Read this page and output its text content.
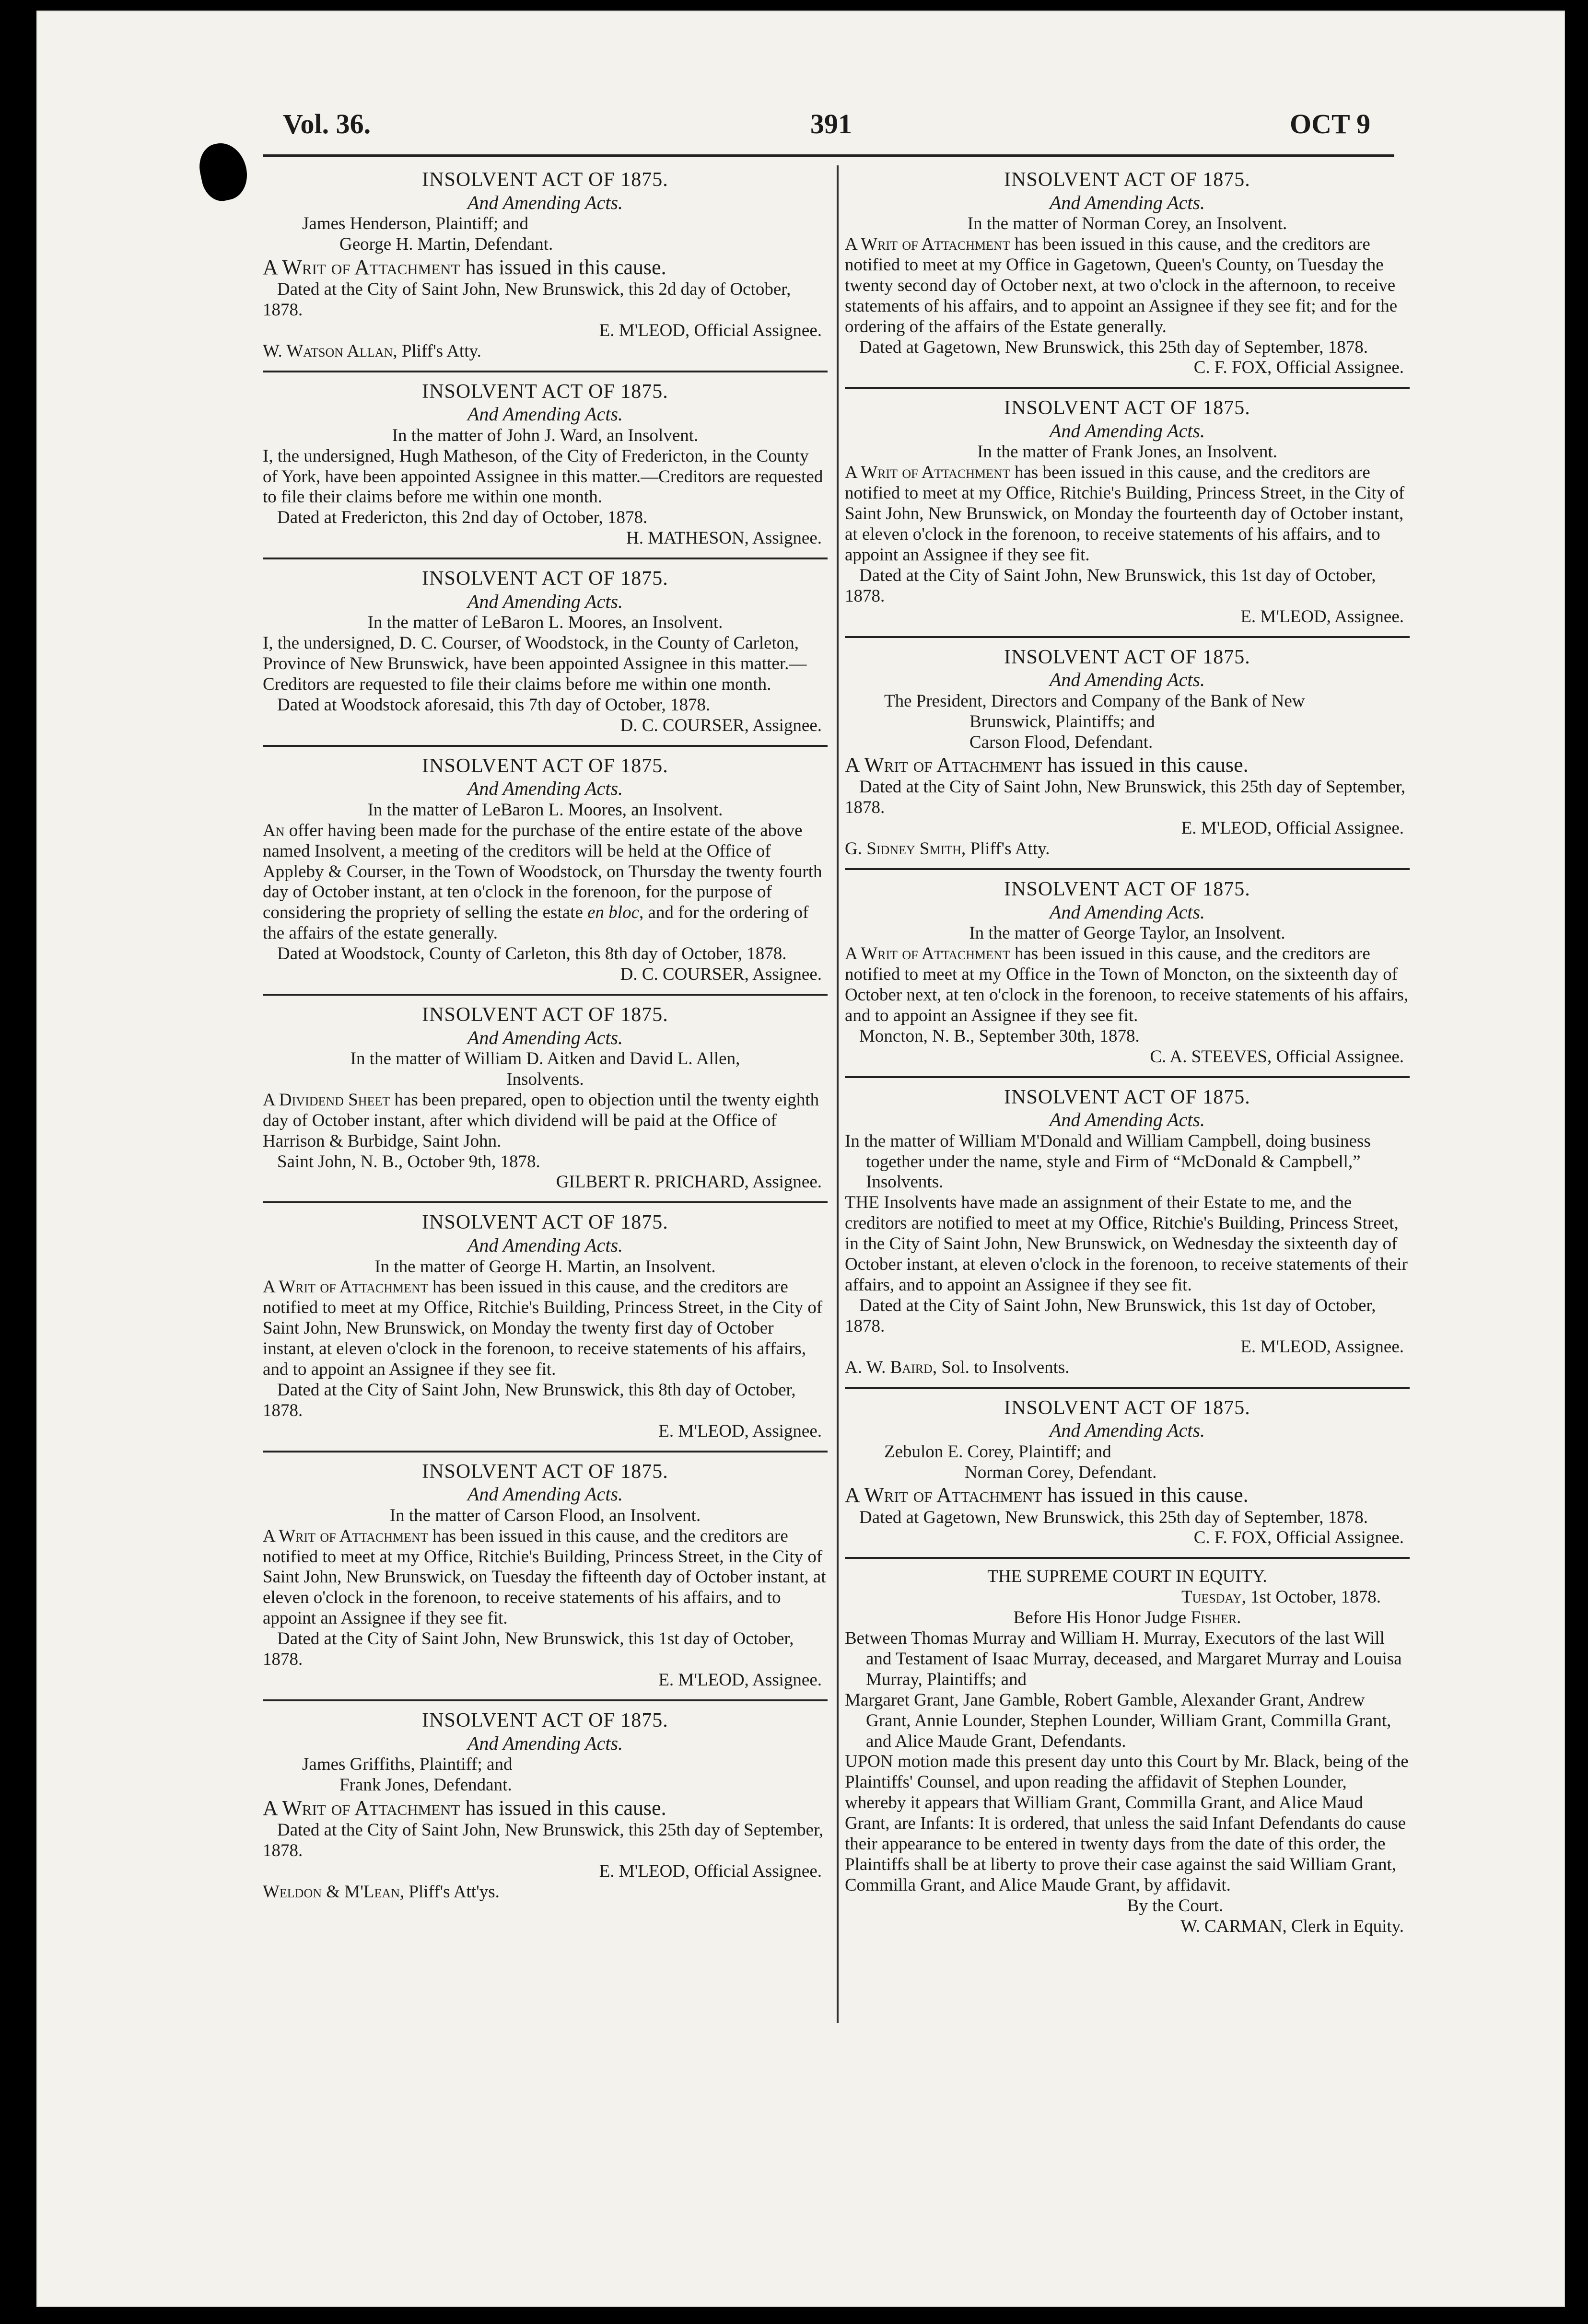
Vol. 36.	391	OCT 9
INSOLVENT ACT OF 1875.
And Amending Acts.
James Henderson, Plaintiff; and
George H. Martin, Defendant.
A Writ of Attachment has issued in this cause.
Dated at the City of Saint John, New Brunswick, this 2d day of October, 1878.
E. M'LEOD, Official Assignee.
W. Watson Allan, Pliff's Atty.
INSOLVENT ACT OF 1875.
And Amending Acts.
In the matter of John J. Ward, an Insolvent.
I, the undersigned, Hugh Matheson, of the City of Fredericton, in the County of York, have been appointed Assignee in this matter.—Creditors are requested to file their claims before me within one month.
Dated at Fredericton, this 2nd day of October, 1878.
H. MATHESON, Assignee.
INSOLVENT ACT OF 1875.
And Amending Acts.
In the matter of LeBaron L. Moores, an Insolvent.
I, the undersigned, D. C. Courser, of Woodstock, in the County of Carleton, Province of New Brunswick, have been appointed Assignee in this matter.—Creditors are requested to file their claims before me within one month.
Dated at Woodstock aforesaid, this 7th day of October, 1878.
D. C. COURSER, Assignee.
INSOLVENT ACT OF 1875.
And Amending Acts.
In the matter of LeBaron L. Moores, an Insolvent.
An offer having been made for the purchase of the entire estate of the above named Insolvent, a meeting of the creditors will be held at the Office of Appleby & Courser, in the Town of Woodstock, on Thursday the twenty fourth day of October instant, at ten o'clock in the forenoon, for the purpose of considering the propriety of selling the estate en bloc, and for the ordering of the affairs of the estate generally.
Dated at Woodstock, County of Carleton, this 8th day of October, 1878.
D. C. COURSER, Assignee.
INSOLVENT ACT OF 1875.
And Amending Acts.
In the matter of William D. Aitken and David L. Allen,
Insolvents.
A Dividend Sheet has been prepared, open to objection until the twenty eighth day of October instant, after which dividend will be paid at the Office of Harrison & Burbidge, Saint John.
Saint John, N. B., October 9th, 1878.
GILBERT R. PRICHARD, Assignee.
INSOLVENT ACT OF 1875.
And Amending Acts.
In the matter of George H. Martin, an Insolvent.
A Writ of Attachment has been issued in this cause, and the creditors are notified to meet at my Office, Ritchie's Building, Princess Street, in the City of Saint John, New Brunswick, on Monday the twenty first day of October instant, at eleven o'clock in the forenoon, to receive statements of his affairs, and to appoint an Assignee if they see fit.
Dated at the City of Saint John, New Brunswick, this 8th day of October, 1878.
E. M'LEOD, Assignee.
INSOLVENT ACT OF 1875.
And Amending Acts.
In the matter of Carson Flood, an Insolvent.
A Writ of Attachment has been issued in this cause, and the creditors are notified to meet at my Office, Ritchie's Building, Princess Street, in the City of Saint John, New Brunswick, on Tuesday the fifteenth day of October instant, at eleven o'clock in the forenoon, to receive statements of his affairs, and to appoint an Assignee if they see fit.
Dated at the City of Saint John, New Brunswick, this 1st day of October, 1878.
E. M'LEOD, Assignee.
INSOLVENT ACT OF 1875.
And Amending Acts.
James Griffiths, Plaintiff; and
Frank Jones, Defendant.
A Writ of Attachment has issued in this cause.
Dated at the City of Saint John, New Brunswick, this 25th day of September, 1878.
E. M'LEOD, Official Assignee.
Weldon & M'Lean, Pliff's Att'ys.
INSOLVENT ACT OF 1875.
And Amending Acts.
In the matter of Norman Corey, an Insolvent.
A Writ of Attachment has been issued in this cause, and the creditors are notified to meet at my Office in Gagetown, Queen's County, on Tuesday the twenty second day of October next, at two o'clock in the afternoon, to receive statements of his affairs, and to appoint an Assignee if they see fit; and for the ordering of the affairs of the Estate generally.
Dated at Gagetown, New Brunswick, this 25th day of September, 1878.
C. F. FOX, Official Assignee.
INSOLVENT ACT OF 1875.
And Amending Acts.
In the matter of Frank Jones, an Insolvent.
A Writ of Attachment has been issued in this cause, and the creditors are notified to meet at my Office, Ritchie's Building, Princess Street, in the City of Saint John, New Brunswick, on Monday the fourteenth day of October instant, at eleven o'clock in the forenoon, to receive statements of his affairs, and to appoint an Assignee if they see fit.
Dated at the City of Saint John, New Brunswick, this 1st day of October, 1878.
E. M'LEOD, Assignee.
INSOLVENT ACT OF 1875.
And Amending Acts.
The President, Directors and Company of the Bank of New
Brunswick, Plaintiffs; and
Carson Flood, Defendant.
A Writ of Attachment has issued in this cause.
Dated at the City of Saint John, New Brunswick, this 25th day of September, 1878.
E. M'LEOD, Official Assignee.
G. Sidney Smith, Pliff's Atty.
INSOLVENT ACT OF 1875.
And Amending Acts.
In the matter of George Taylor, an Insolvent.
A Writ of Attachment has been issued in this cause, and the creditors are notified to meet at my Office in the Town of Moncton, on the sixteenth day of October next, at ten o'clock in the forenoon, to receive statements of his affairs, and to appoint an Assignee if they see fit.
Moncton, N. B., September 30th, 1878.
C. A. STEEVES, Official Assignee.
INSOLVENT ACT OF 1875.
And Amending Acts.
In the matter of William M'Donald and William Campbell, doing business together under the name, style and Firm of “McDonald & Campbell,” Insolvents.
THE Insolvents have made an assignment of their Estate to me, and the creditors are notified to meet at my Office, Ritchie's Building, Princess Street, in the City of Saint John, New Brunswick, on Wednesday the sixteenth day of October instant, at eleven o'clock in the forenoon, to receive statements of their affairs, and to appoint an Assignee if they see fit.
Dated at the City of Saint John, New Brunswick, this 1st day of October, 1878.
E. M'LEOD, Assignee.
A. W. Baird, Sol. to Insolvents.
INSOLVENT ACT OF 1875.
And Amending Acts.
Zebulon E. Corey, Plaintiff; and
Norman Corey, Defendant.
A Writ of Attachment has issued in this cause.
Dated at Gagetown, New Brunswick, this 25th day of September, 1878.
C. F. FOX, Official Assignee.
THE SUPREME COURT IN EQUITY.
Tuesday, 1st October, 1878.
Before His Honor Judge Fisher.
Between Thomas Murray and William H. Murray, Executors of the last Will and Testament of Isaac Murray, deceased, and Margaret Murray and Louisa Murray, Plaintiffs; and
Margaret Grant, Jane Gamble, Robert Gamble, Alexander Grant, Andrew Grant, Annie Lounder, Stephen Lounder, William Grant, Commilla Grant, and Alice Maude Grant, Defendants.
UPON motion made this present day unto this Court by Mr. Black, being of the Plaintiffs' Counsel, and upon reading the affidavit of Stephen Lounder, whereby it appears that William Grant, Commilla Grant, and Alice Maud Grant, are Infants: It is ordered, that unless the said Infant Defendants do cause their appearance to be entered in twenty days from the date of this order, the Plaintiffs shall be at liberty to prove their case against the said William Grant, Commilla Grant, and Alice Maude Grant, by affidavit.
By the Court.
W. CARMAN, Clerk in Equity.
